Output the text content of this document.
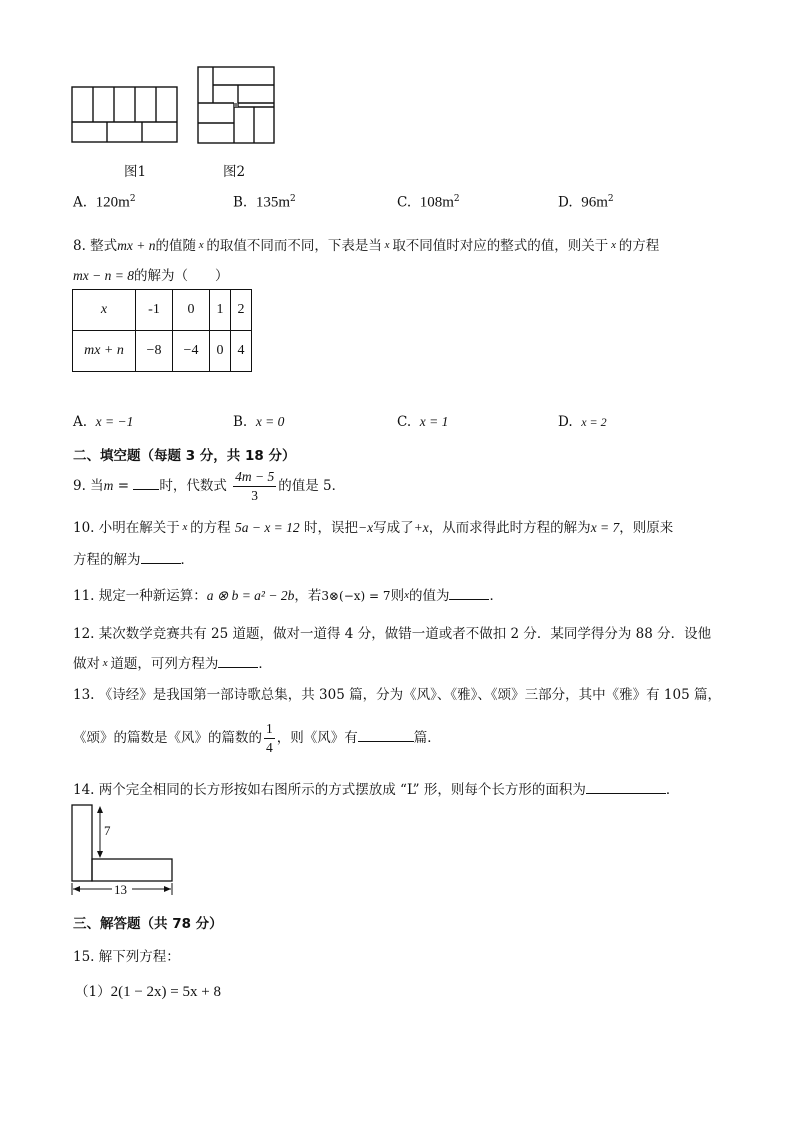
图1	图2
A. $120m^2$	B. $135m^2$	C. $108m^2$	D. $96m^2$
8. 整式mx + n的值随 x 的取值不同而不同，下表是当 x 取不同值时对应的整式的值，则关于 x 的方程
mx − n = 8的解为（　　）
x	-1	0	1	2
mx + n	−8	−4	0	4
A. x = −1	B. x = 0	C. x = 1	D. x = 2
二、填空题（每题 3 分，共 18 分）
9. 当m = 时，代数式 $\frac{4m - 5}{3}$ 的值是 5．
10. 小明在解关于 x 的方程 5a − x = 12 时，误把−x写成了+x，从而求得此时方程的解为x = 7，则原来
方程的解为	．
11. 规定一种新运算：a ⊗ b = a² − 2b，若3⊗(−x) = 7则x的值为	．
12. 某次数学竞赛共有 25 道题，做对一道得 4 分，做错一道或者不做扣 2 分．某同学得分为 88 分．设他
做对 x 道题，可列方程为	．
13. 《诗经》是我国第一部诗歌总集，共 305 篇，分为《风》、《雅》、《颂》三部分，其中《雅》有 105 篇，
《颂》的篇数是《风》的篇数的 $\frac{1}{4}$ ，则《风》有	篇．
14. 两个完全相同的长方形按如右图所示的方式摆放成 “L” 形，则每个长方形的面积为	．
7
13
三、解答题（共 78 分）
15. 解下列方程：
（1）2(1 − 2x) = 5x + 8
